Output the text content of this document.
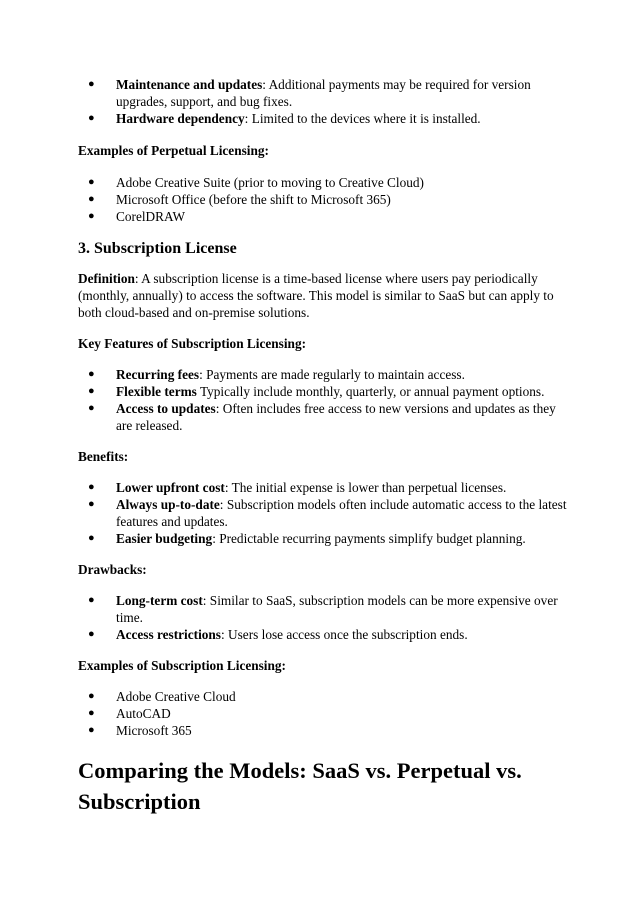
● Maintenance and updates: Additional payments may be required for version upgrades, support, and bug fixes.
● Hardware dependency: Limited to the devices where it is installed.

Examples of Perpetual Licensing:

● Adobe Creative Suite (prior to moving to Creative Cloud)
● Microsoft Office (before the shift to Microsoft 365)
● CorelDRAW
3. Subscription License

Definition: A subscription license is a time-based license where users pay periodically (monthly, annually) to access the software. This model is similar to SaaS but can apply to both cloud-based and on-premise solutions.

Key Features of Subscription Licensing:

● Recurring fees: Payments are made regularly to maintain access.
● Flexible terms Typically include monthly, quarterly, or annual payment options.
● Access to updates: Often includes free access to new versions and updates as they are released.

Benefits:

● Lower upfront cost: The initial expense is lower than perpetual licenses.
● Always up-to-date: Subscription models often include automatic access to the latest features and updates.
● Easier budgeting: Predictable recurring payments simplify budget planning.

Drawbacks:

● Long-term cost: Similar to SaaS, subscription models can be more expensive over time.
● Access restrictions: Users lose access once the subscription ends.

Examples of Subscription Licensing:

● Adobe Creative Cloud
● AutoCAD
● Microsoft 365
Comparing the Models: SaaS vs. Perpetual vs. Subscription
